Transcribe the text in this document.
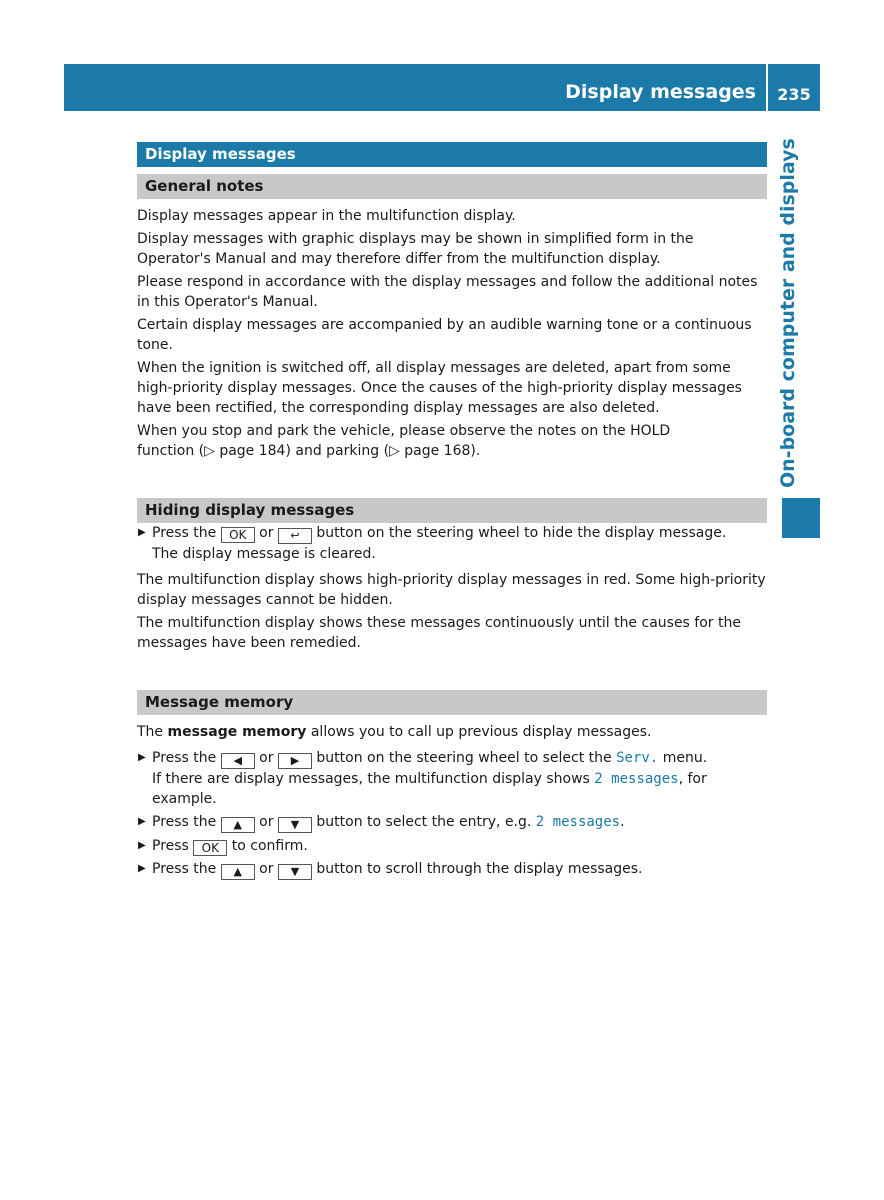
Display messages	235
On-board computer and displays
Display messages
General notes

Display messages appear in the multifunction display.

Display messages with graphic displays may be shown in simplified form in the Operator's Manual and may therefore differ from the multifunction display.

Please respond in accordance with the display messages and follow the additional notes in this Operator's Manual.

Certain display messages are accompanied by an audible warning tone or a continuous tone.

When the ignition is switched off, all display messages are deleted, apart from some high-priority display messages. Once the causes of the high-priority display messages have been rectified, the corresponding display messages are also deleted.

When you stop and park the vehicle, please observe the notes on the HOLD function (▷ page 184) and parking (▷ page 168).

Hiding display messages
▶ Press the OK or ↩ button on the steering wheel to hide the display message.
The display message is cleared.

The multifunction display shows high-priority display messages in red. Some high-priority display messages cannot be hidden.

The multifunction display shows these messages continuously until the causes for the messages have been remedied.

Message memory

The message memory allows you to call up previous display messages.

▶ Press the ◀ or ▶ button on the steering wheel to select the Serv. menu.
If there are display messages, the multifunction display shows 2 messages, for example.
▶ Press the ▲ or ▼ button to select the entry, e.g. 2 messages.
▶ Press OK to confirm.
▶ Press the ▲ or ▼ button to scroll through the display messages.
